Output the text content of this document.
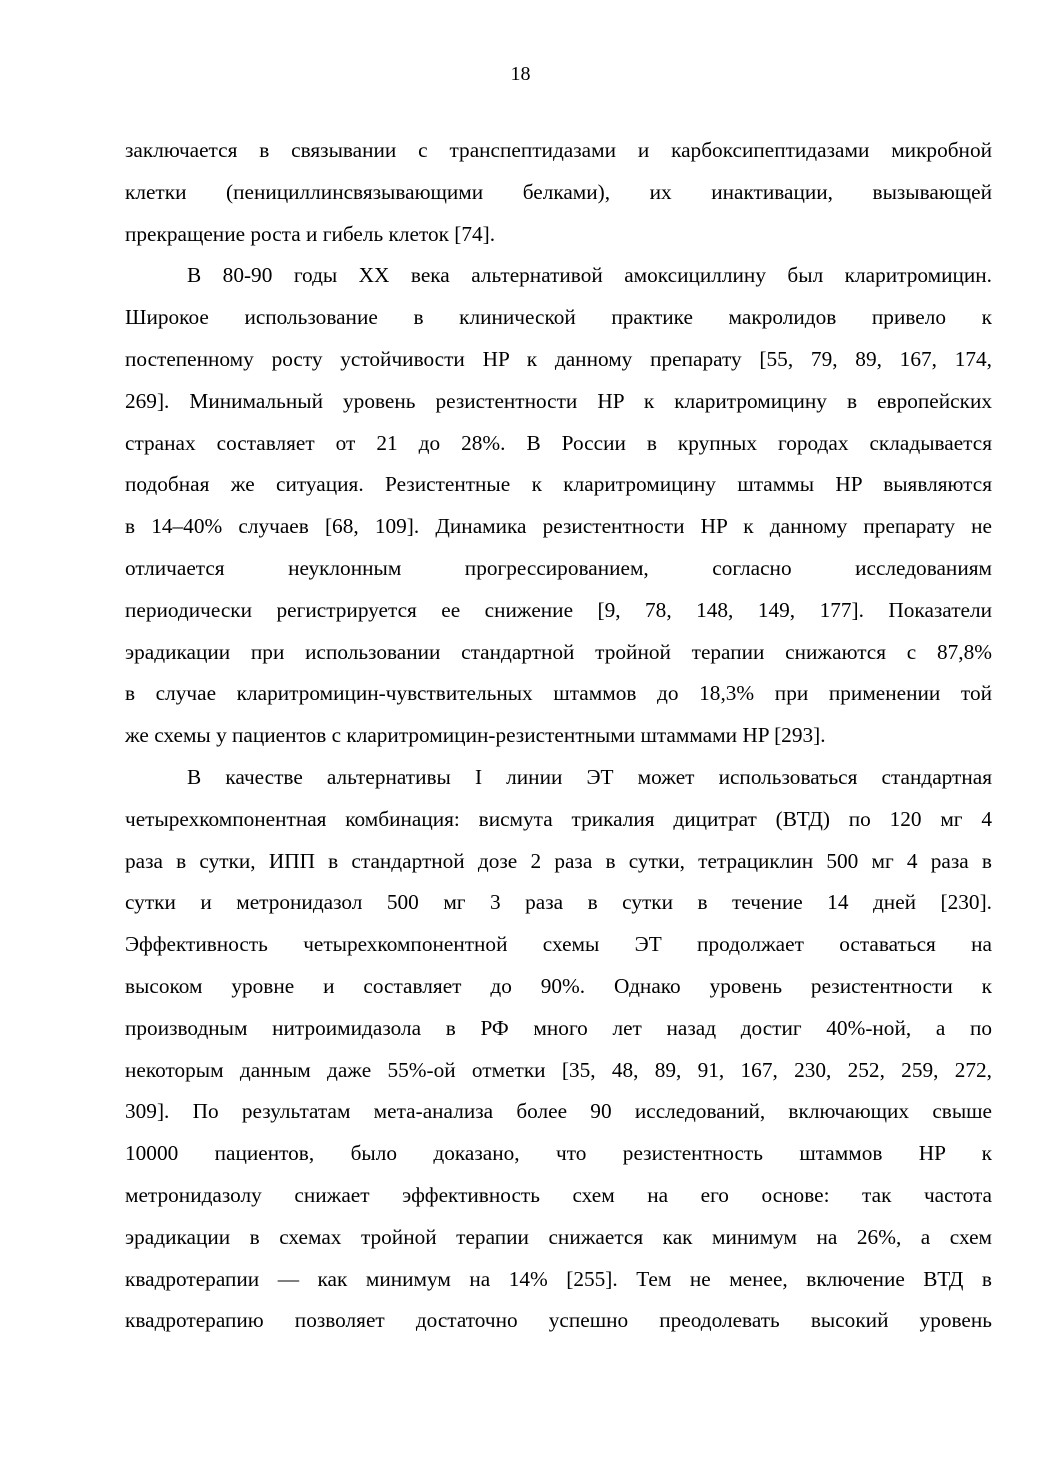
18
заключается в связывании с транспептидазами и карбоксипептидазами микробной
клетки (пенициллинсвязывающими белками), их инактивации, вызывающей
прекращение роста и гибель клеток [74].
В 80-90 годы XX века альтернативой амоксициллину был кларитромицин.
Широкое использование в клинической практике макролидов привело к
постепенному росту устойчивости HP к данному препарату [55, 79, 89, 167, 174,
269]. Минимальный уровень резистентности HP к кларитромицину в европейских
странах составляет от 21 до 28%. В России в крупных городах складывается
подобная же ситуация. Резистентные к кларитромицину штаммы HP выявляются
в 14–40% случаев [68, 109]. Динамика резистентности HP к данному препарату не
отличается неуклонным прогрессированием, согласно исследованиям
периодически регистрируется ее снижение [9, 78, 148, 149, 177]. Показатели
эрадикации при использовании стандартной тройной терапии снижаются с 87,8%
в случае кларитромицин-чувствительных штаммов до 18,3% при применении той
же схемы у пациентов с кларитромицин-резистентными штаммами HP [293].
В качестве альтернативы I линии ЭТ может использоваться стандартная
четырехкомпонентная комбинация: висмута трикалия дицитрат (ВТД) по 120 мг 4
раза в сутки, ИПП в стандартной дозе 2 раза в сутки, тетрациклин 500 мг 4 раза в
сутки и метронидазол 500 мг 3 раза в сутки в течение 14 дней [230].
Эффективность четырехкомпонентной схемы ЭТ продолжает оставаться на
высоком уровне и составляет до 90%. Однако уровень резистентности к
производным нитроимидазола в РФ много лет назад достиг 40%-ной, а по
некоторым данным даже 55%-ой отметки [35, 48, 89, 91, 167, 230, 252, 259, 272,
309]. По результатам мета-анализа более 90 исследований, включающих свыше
10000 пациентов, было доказано, что резистентность штаммов HP к
метронидазолу снижает эффективность схем на его основе: так частота
эрадикации в схемах тройной терапии снижается как минимум на 26%, а схем
квадротерапии — как минимум на 14% [255]. Тем не менее, включение ВТД в
квадротерапию позволяет достаточно успешно преодолевать высокий уровень
